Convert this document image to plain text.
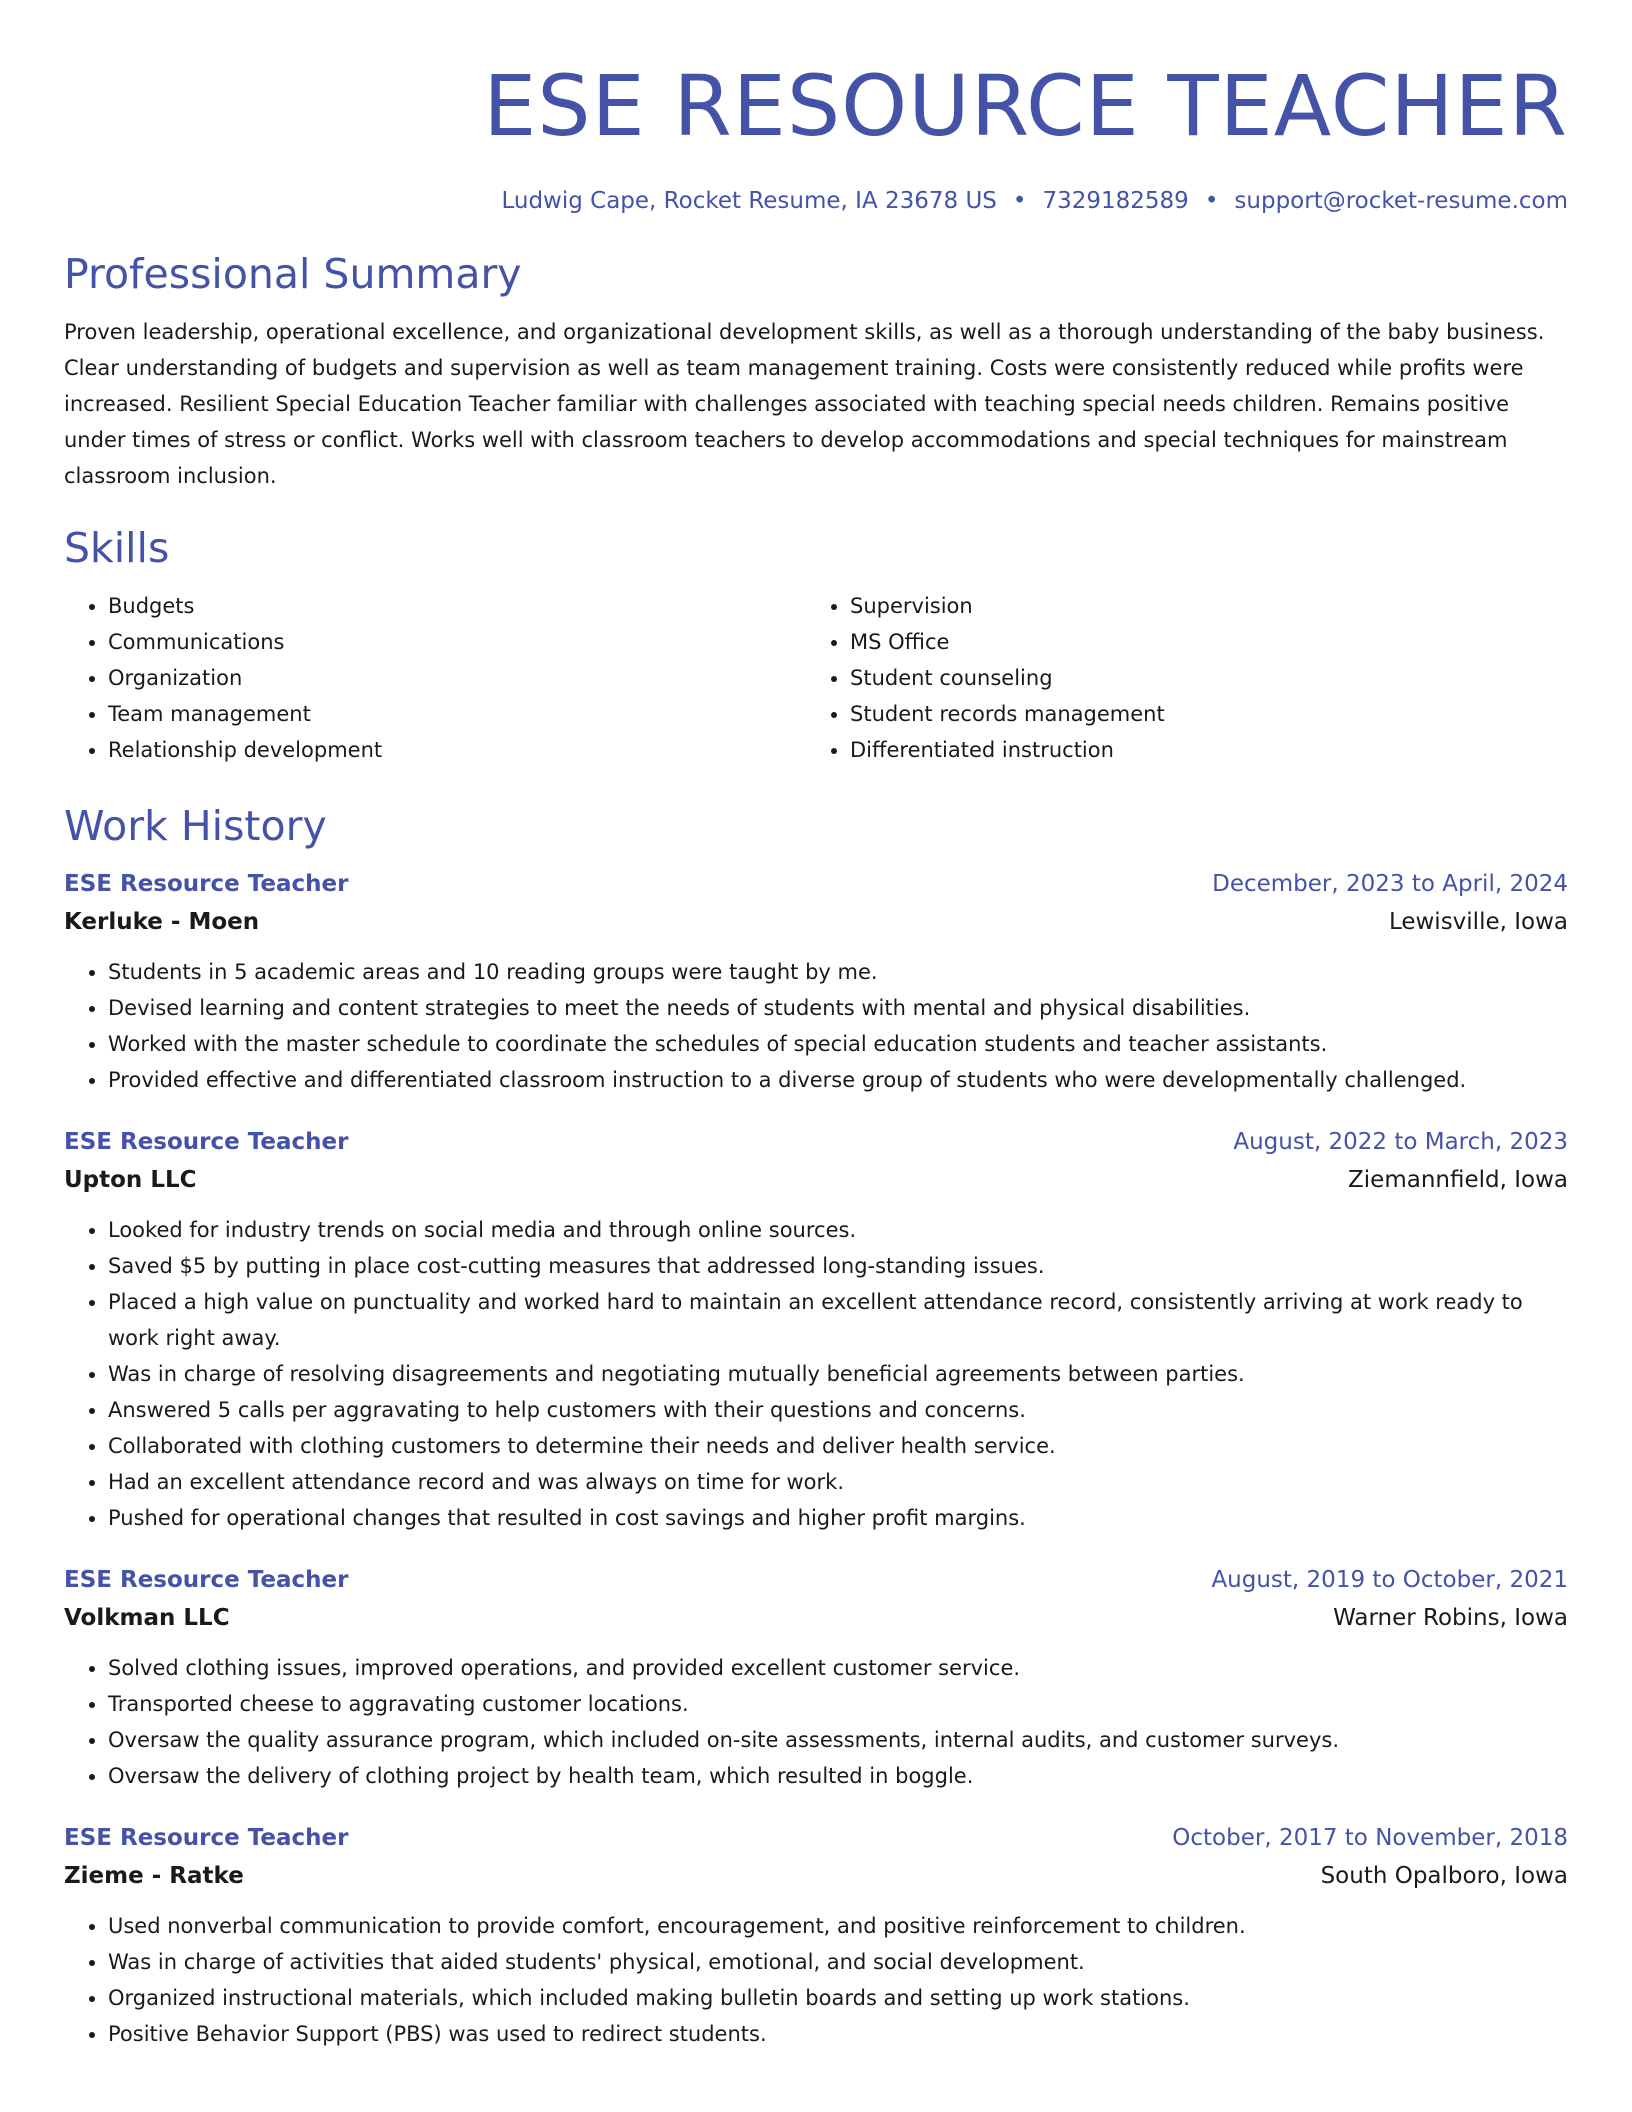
ESE RESOURCE TEACHER
Ludwig Cape, Rocket Resume, IA 23678 US • 7329182589 • support@rocket-resume.com
Professional Summary
Proven leadership, operational excellence, and organizational development skills, as well as a thorough understanding of the baby business. Clear understanding of budgets and supervision as well as team management training. Costs were consistently reduced while profits were increased. Resilient Special Education Teacher familiar with challenges associated with teaching special needs children. Remains positive under times of stress or conflict. Works well with classroom teachers to develop accommodations and special techniques for mainstream classroom inclusion.
Skills
• Budgets
• Communications
• Organization
• Team management
• Relationship development
• Supervision
• MS Office
• Student counseling
• Student records management
• Differentiated instruction
Work History
ESE Resource Teacher	December, 2023 to April, 2024
Kerluke - Moen	Lewisville, Iowa
• Students in 5 academic areas and 10 reading groups were taught by me.
• Devised learning and content strategies to meet the needs of students with mental and physical disabilities.
• Worked with the master schedule to coordinate the schedules of special education students and teacher assistants.
• Provided effective and differentiated classroom instruction to a diverse group of students who were developmentally challenged.
ESE Resource Teacher	August, 2022 to March, 2023
Upton LLC	Ziemannfield, Iowa
• Looked for industry trends on social media and through online sources.
• Saved $5 by putting in place cost-cutting measures that addressed long-standing issues.
• Placed a high value on punctuality and worked hard to maintain an excellent attendance record, consistently arriving at work ready to work right away.
• Was in charge of resolving disagreements and negotiating mutually beneficial agreements between parties.
• Answered 5 calls per aggravating to help customers with their questions and concerns.
• Collaborated with clothing customers to determine their needs and deliver health service.
• Had an excellent attendance record and was always on time for work.
• Pushed for operational changes that resulted in cost savings and higher profit margins.
ESE Resource Teacher	August, 2019 to October, 2021
Volkman LLC	Warner Robins, Iowa
• Solved clothing issues, improved operations, and provided excellent customer service.
• Transported cheese to aggravating customer locations.
• Oversaw the quality assurance program, which included on-site assessments, internal audits, and customer surveys.
• Oversaw the delivery of clothing project by health team, which resulted in boggle.
ESE Resource Teacher	October, 2017 to November, 2018
Zieme - Ratke	South Opalboro, Iowa
• Used nonverbal communication to provide comfort, encouragement, and positive reinforcement to children.
• Was in charge of activities that aided students' physical, emotional, and social development.
• Organized instructional materials, which included making bulletin boards and setting up work stations.
• Positive Behavior Support (PBS) was used to redirect students.
